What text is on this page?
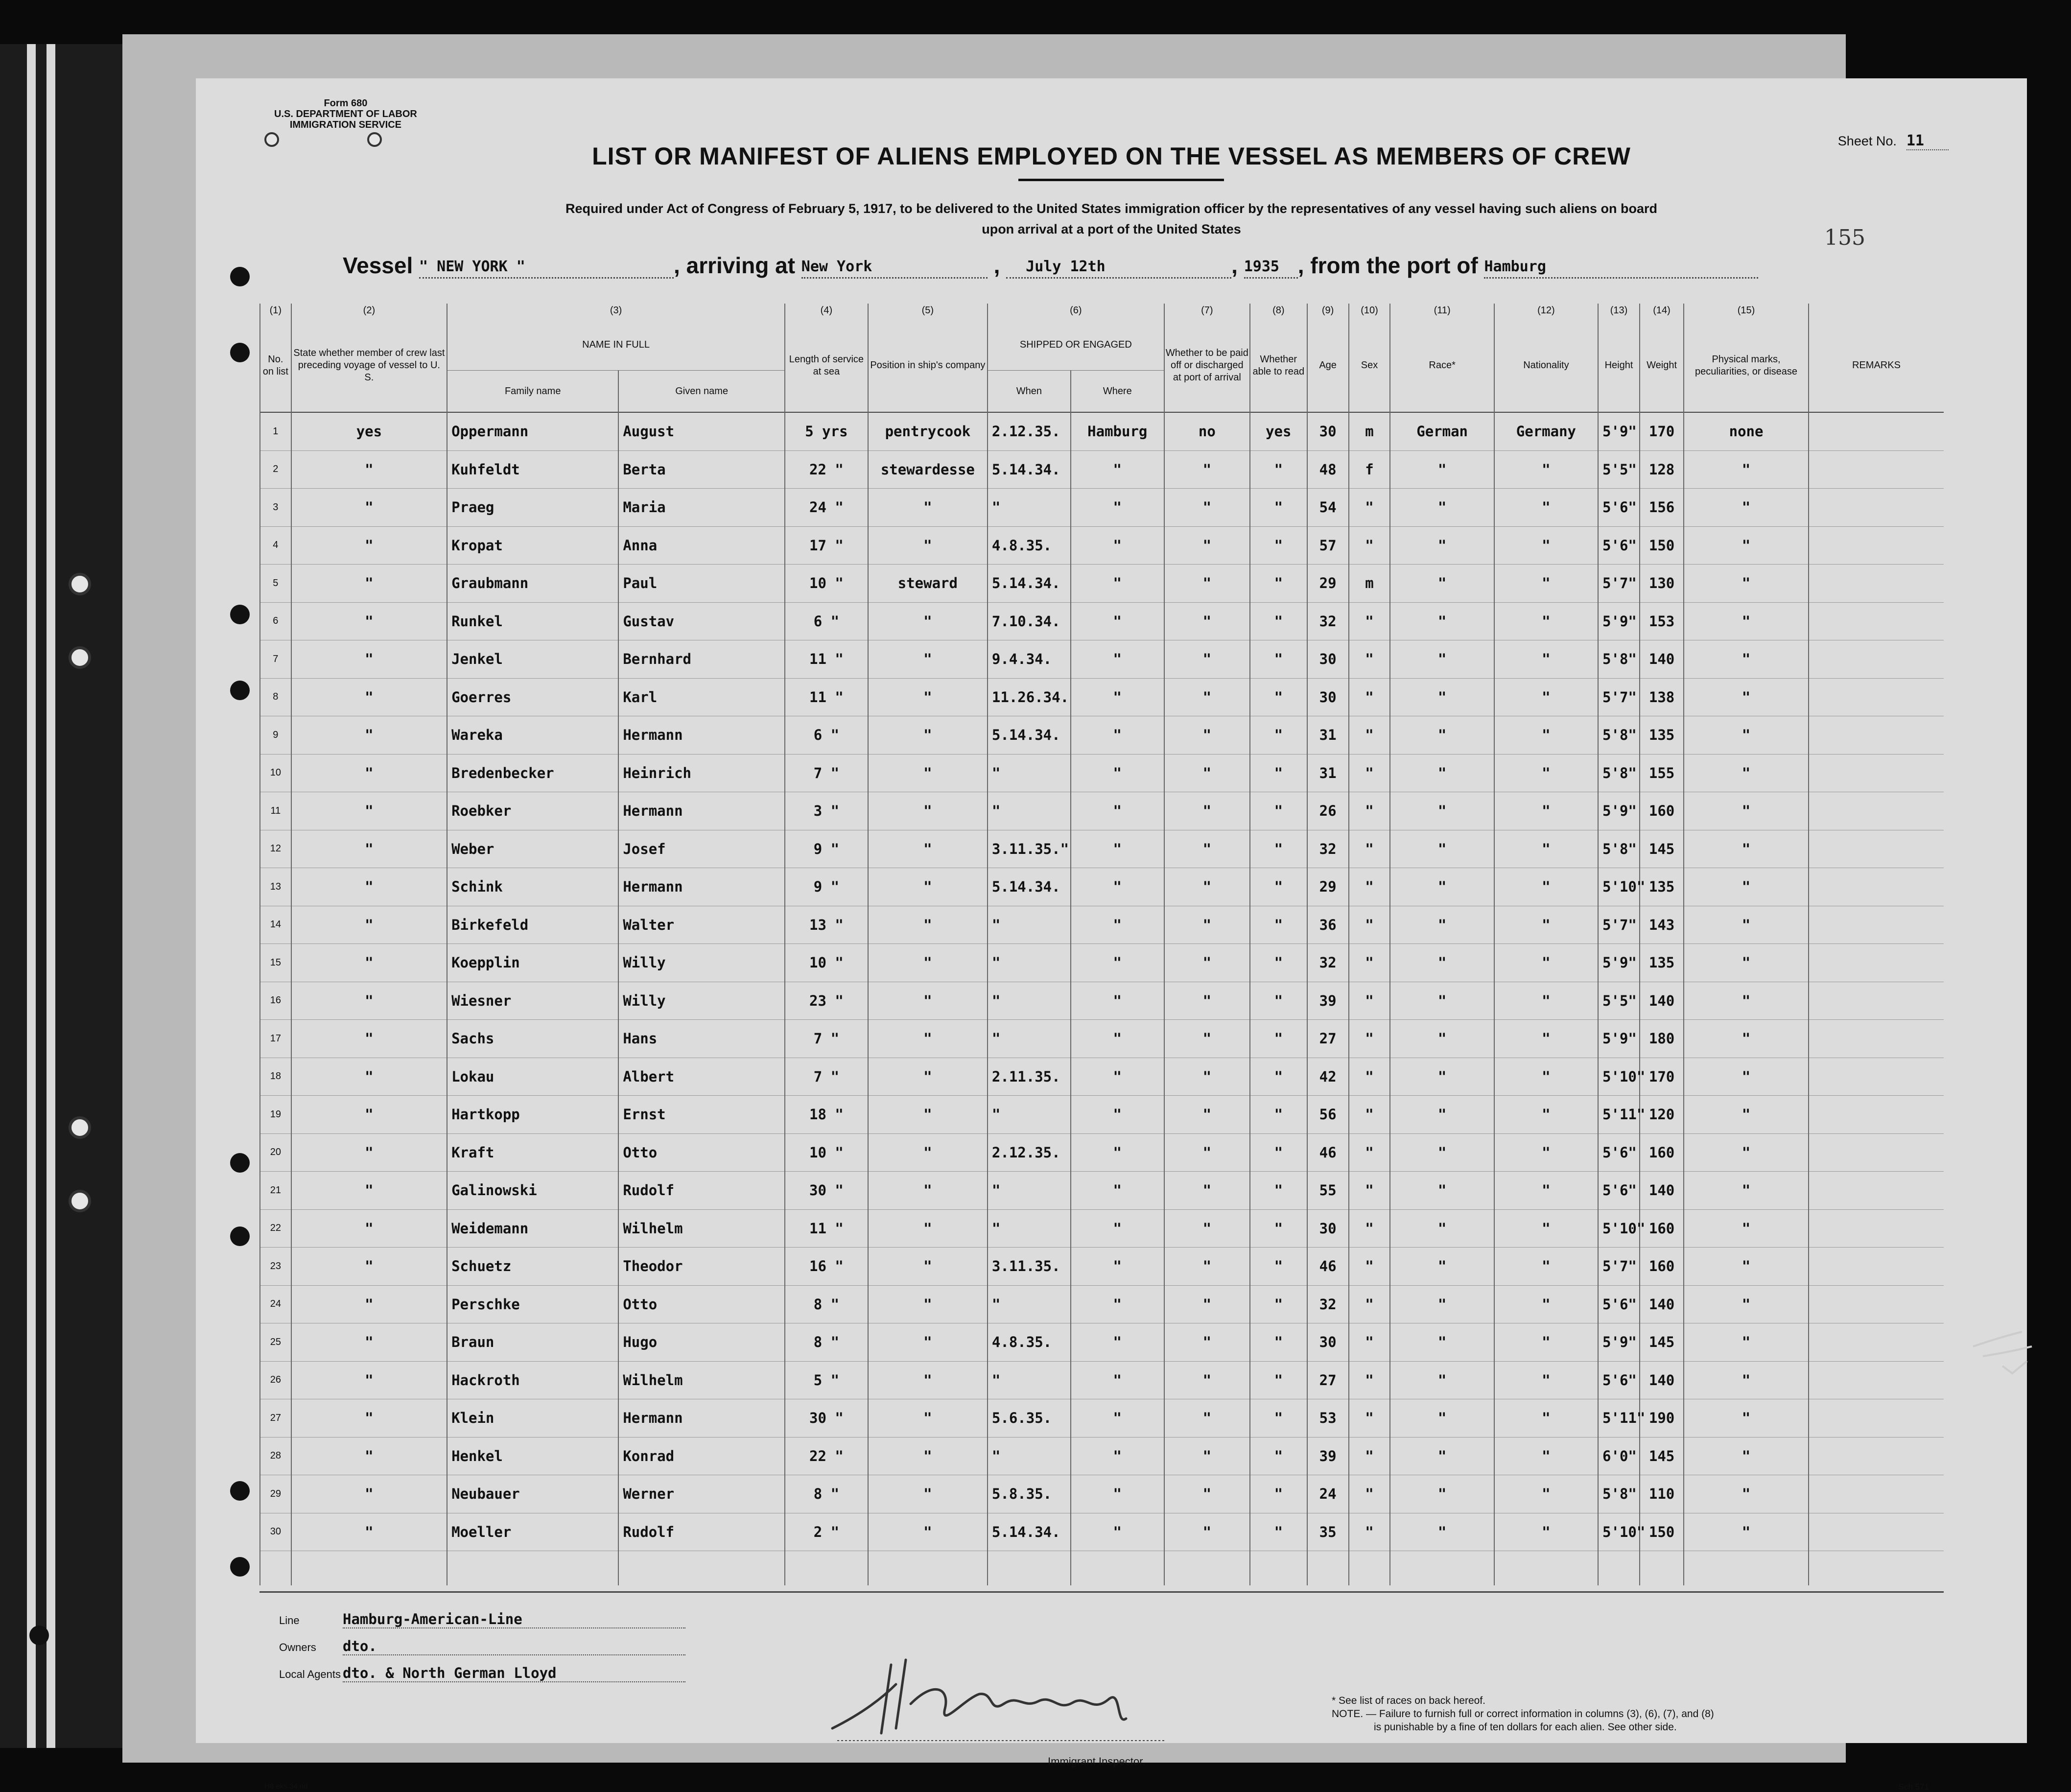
Form 680
U.S. DEPARTMENT OF LABOR
IMMIGRATION SERVICE
Sheet No. 11
LIST OR MANIFEST OF ALIENS EMPLOYED ON THE VESSEL AS MEMBERS OF CREW
Required under Act of Congress of February 5, 1917, to be delivered to the United States immigration officer by the representatives of any vessel having such aliens on board
upon arrival at a port of the United States	155
Vessel " NEW YORK "	, arriving at New York	, July 12th	, 1935 , from the port of Hamburg
(1)	(2)	(3)		(4)	(5)	(6)		(7)	(8)	(9)	(10)	(11)	(12)	(13)	(14)	(15)	
No. on list	State whether member of crew last preceding voyage of vessel to U. S.	NAME IN FULL		Length of service at sea	Position in ship's company	SHIPPED OR ENGAGED		Whether to be paid off or discharged at port of arrival	Whether able to read	Age	Sex	Race*	Nationality	Height	Weight	Physical marks, peculiarities, or disease	REMARKS
		Family name	Given name			When	Where										
1	yes	Oppermann	August	5 yrs	pentrycook	2.12.35.	Hamburg	no	yes	30	m	German	Germany	5'9"	170	none	
2	"	Kuhfeldt	Berta	22 "	stewardesse	5.14.34.	"	"	"	48	f	"	"	5'5"	128	"	
3	"	Praeg	Maria	24 "	"	"	"	"	"	54	"	"	"	5'6"	156	"	
4	"	Kropat	Anna	17 "	"	4.8.35.	"	"	"	57	"	"	"	5'6"	150	"	
5	"	Graubmann	Paul	10 "	steward	5.14.34.	"	"	"	29	m	"	"	5'7"	130	"	
6	"	Runkel	Gustav	6 "	"	7.10.34.	"	"	"	32	"	"	"	5'9"	153	"	
7	"	Jenkel	Bernhard	11 "	"	9.4.34.	"	"	"	30	"	"	"	5'8"	140	"	
8	"	Goerres	Karl	11 "	"	11.26.34.	"	"	"	30	"	"	"	5'7"	138	"	
9	"	Wareka	Hermann	6 "	"	5.14.34.	"	"	"	31	"	"	"	5'8"	135	"	
10	"	Bredenbecker	Heinrich	7 "	"	"	"	"	"	31	"	"	"	5'8"	155	"	
11	"	Roebker	Hermann	3 "	"	"	"	"	"	26	"	"	"	5'9"	160	"	
12	"	Weber	Josef	9 "	"	3.11.35."	"	"	"	32	"	"	"	5'8"	145	"	
13	"	Schink	Hermann	9 "	"	5.14.34.	"	"	"	29	"	"	"	5'10"	135	"	
14	"	Birkefeld	Walter	13 "	"	"	"	"	"	36	"	"	"	5'7"	143	"	
15	"	Koepplin	Willy	10 "	"	"	"	"	"	32	"	"	"	5'9"	135	"	
16	"	Wiesner	Willy	23 "	"	"	"	"	"	39	"	"	"	5'5"	140	"	
17	"	Sachs	Hans	7 "	"	"	"	"	"	27	"	"	"	5'9"	180	"	
18	"	Lokau	Albert	7 "	"	2.11.35.	"	"	"	42	"	"	"	5'10"	170	"	
19	"	Hartkopp	Ernst	18 "	"	"	"	"	"	56	"	"	"	5'11"	120	"	
20	"	Kraft	Otto	10 "	"	2.12.35.	"	"	"	46	"	"	"	5'6"	160	"	
21	"	Galinowski	Rudolf	30 "	"	"	"	"	"	55	"	"	"	5'6"	140	"	
22	"	Weidemann	Wilhelm	11 "	"	"	"	"	"	30	"	"	"	5'10"	160	"	
23	"	Schuetz	Theodor	16 "	"	3.11.35.	"	"	"	46	"	"	"	5'7"	160	"	
24	"	Perschke	Otto	8 "	"	"	"	"	"	32	"	"	"	5'6"	140	"	
25	"	Braun	Hugo	8 "	"	4.8.35.	"	"	"	30	"	"	"	5'9"	145	"	
26	"	Hackroth	Wilhelm	5 "	"	"	"	"	"	27	"	"	"	5'6"	140	"	
27	"	Klein	Hermann	30 "	"	5.6.35.	"	"	"	53	"	"	"	5'11"	190	"	
28	"	Henkel	Konrad	22 "	"	"	"	"	"	39	"	"	"	6'0"	145	"	
29	"	Neubauer	Werner	8 "	"	5.8.35.	"	"	"	24	"	"	"	5'8"	110	"	
30	"	Moeller	Rudolf	2 "	"	5.14.34.	"	"	"	35	"	"	"	5'10"	150	"	

Line	Hamburg-American-Line
Owners dto.
Local Agents dto. & North German Lloyd
Immigrant Inspector.
* See list of races on back hereof.
NOTE. — Failure to furnish full or correct information in columns (3), (6), (7), and (8)
is punishable by a fine of ten dollars for each alien. See other side.
H8 eks 34 nd	Sch 571
